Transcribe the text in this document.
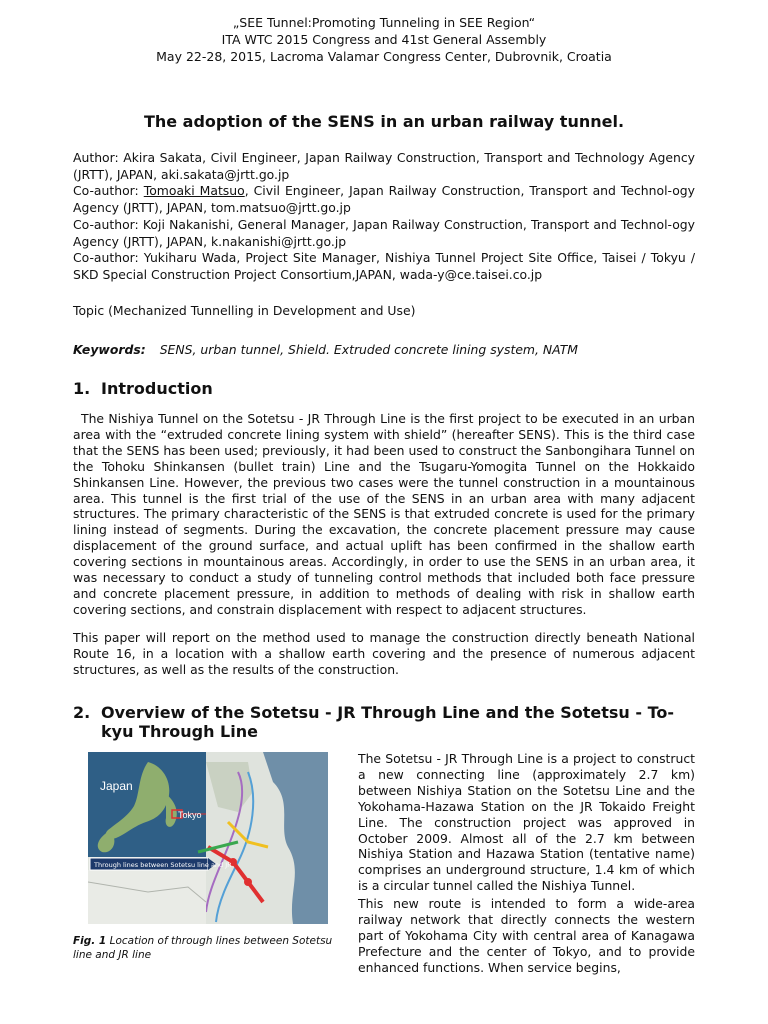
„SEE Tunnel:Promoting Tunneling in SEE Region“
ITA WTC 2015 Congress and 41st General Assembly
May 22-28, 2015, Lacroma Valamar Congress Center, Dubrovnik, Croatia
The adoption of the SENS in an urban railway tunnel.

Author: Akira Sakata, Civil Engineer, Japan Railway Construction, Transport and Technology Agency (JRTT), JAPAN, aki.sakata@jrtt.go.jp

Co-author: Tomoaki Matsuo, Civil Engineer, Japan Railway Construction, Transport and Technol-ogy Agency (JRTT), JAPAN, tom.matsuo@jrtt.go.jp

Co-author: Koji Nakanishi, General Manager, Japan Railway Construction, Transport and Technol-ogy Agency (JRTT), JAPAN, k.nakanishi@jrtt.go.jp

Co-author: Yukiharu Wada, Project Site Manager, Nishiya Tunnel Project Site Office, Taisei / Tokyu / SKD Special Construction Project Consortium,JAPAN, wada-y@ce.taisei.co.jp

Topic (Mechanized Tunnelling in Development and Use)
Keywords: SENS, urban tunnel, Shield. Extruded concrete lining system, NATM
1. Introduction
The Nishiya Tunnel on the Sotetsu - JR Through Line is the first project to be executed in an urban area with the “extruded concrete lining system with shield” (hereafter SENS). This is the third case that the SENS has been used; previously, it had been used to construct the Sanbongihara Tunnel on the Tohoku Shinkansen (bullet train) Line and the Tsugaru-Yomogita Tunnel on the Hokkaido Shinkansen Line. However, the previous two cases were the tunnel construction in a mountainous area. This tunnel is the first trial of the use of the SENS in an urban area with many adjacent structures. The primary characteristic of the SENS is that extruded concrete is used for the primary lining instead of segments. During the excavation, the concrete placement pressure may cause displacement of the ground surface, and actual uplift has been confirmed in the shallow earth covering sections in mountainous areas. Accordingly, in order to use the SENS in an urban area, it was necessary to conduct a study of tunneling control methods that included both face pressure and concrete placement pressure, in addition to methods of dealing with risk in shallow earth covering sections, and constrain displacement with respect to adjacent structures.
This paper will report on the method used to manage the construction directly beneath National Route 16, in a location with a shallow earth covering and the presence of numerous adjacent structures, as well as the results of the construction.
2. Overview of the Sotetsu - JR Through Line and the Sotetsu - To-
kyu Through Line
Through lines between Sotetsu line and JR
Japan
Tokyo
Fig. 1 Location of through lines between Sotetsu line and JR line
The Sotetsu - JR Through Line is a project to construct a new connecting line (approximately 2.7 km) between Nishiya Station on the Sotetsu Line and the Yokohama-Hazawa Station on the JR Tokaido Freight Line. The construction project was approved in October 2009. Almost all of the 2.7 km between Nishiya Station and Hazawa Station (tentative name) comprises an underground structure, 1.4 km of which is a circular tunnel called the Nishiya Tunnel.
This new route is intended to form a wide-area railway network that directly connects the western part of Yokohama City with central area of Kanagawa Prefecture and the center of Tokyo, and to provide enhanced functions. When service begins,
